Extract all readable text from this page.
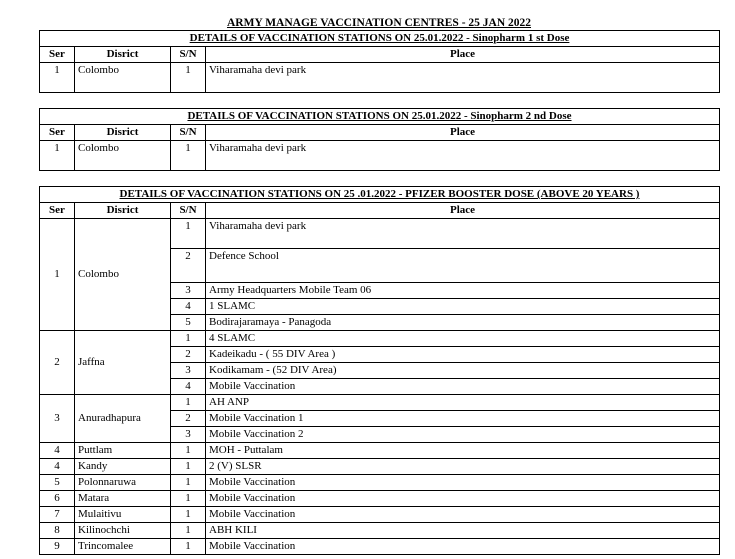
ARMY MANAGE VACCINATION CENTRES - 25 JAN 2022
DETAILS OF VACCINATION STATIONS ON 25.01.2022 - Sinopharm 1 st Dose			
Ser	Disrict	S/N	Place
1	Colombo	1	Viharamaha devi park

DETAILS OF VACCINATION STATIONS ON 25.01.2022 - Sinopharm 2 nd Dose			
Ser	Disrict	S/N	Place
1	Colombo	1	Viharamaha devi park

DETAILS OF VACCINATION STATIONS ON 25 .01.2022 - PFIZER BOOSTER DOSE (ABOVE 20 YEARS )			
Ser	Disrict	S/N	Place
1	Colombo	1	Viharamaha devi park
		2	Defence School
		3	Army Headquarters Mobile Team 06
		4	1 SLAMC
		5	Bodirajaramaya - Panagoda
2	Jaffna	1	4 SLAMC
		2	Kadeikadu - ( 55 DIV Area )
		3	Kodikamam - (52 DIV Area)
		4	Mobile Vaccination
3	Anuradhapura	1	AH ANP
		2	Mobile Vaccination 1
		3	Mobile Vaccination 2
4	Puttlam	1	MOH - Puttalam
4	Kandy	1	2 (V) SLSR
5	Polonnaruwa	1	Mobile Vaccination
6	Matara	1	Mobile Vaccination
7	Mulaitivu	1	Mobile Vaccination
8	Kilinochchi	1	ABH KILI
9	Trincomalee	1	Mobile Vaccination
